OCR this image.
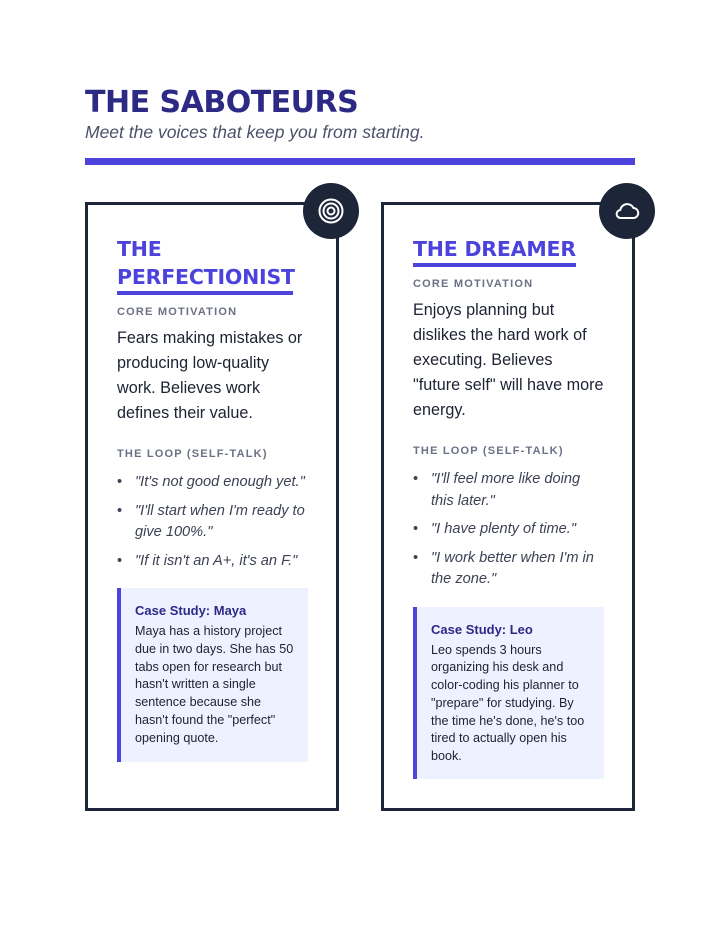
THE SABOTEURS
Meet the voices that keep you from starting.
THE
PERFECTIONIST
CORE MOTIVATION
Fears making mistakes or producing low-quality work. Believes work defines their value.
THE LOOP (SELF-TALK)
• "It's not good enough yet."
• "I'll start when I'm ready to give 100%."
• "If it isn't an A+, it's an F."
Case Study: Maya
Maya has a history project due in two days. She has 50 tabs open for research but hasn't written a single sentence because she hasn't found the "perfect" opening quote.
THE DREAMER
CORE MOTIVATION
Enjoys planning but dislikes the hard work of executing. Believes "future self" will have more energy.
THE LOOP (SELF-TALK)
• "I'll feel more like doing this later."
• "I have plenty of time."
• "I work better when I'm in the zone."
Case Study: Leo
Leo spends 3 hours organizing his desk and color-coding his planner to "prepare" for studying. By the time he's done, he's too tired to actually open his book.
